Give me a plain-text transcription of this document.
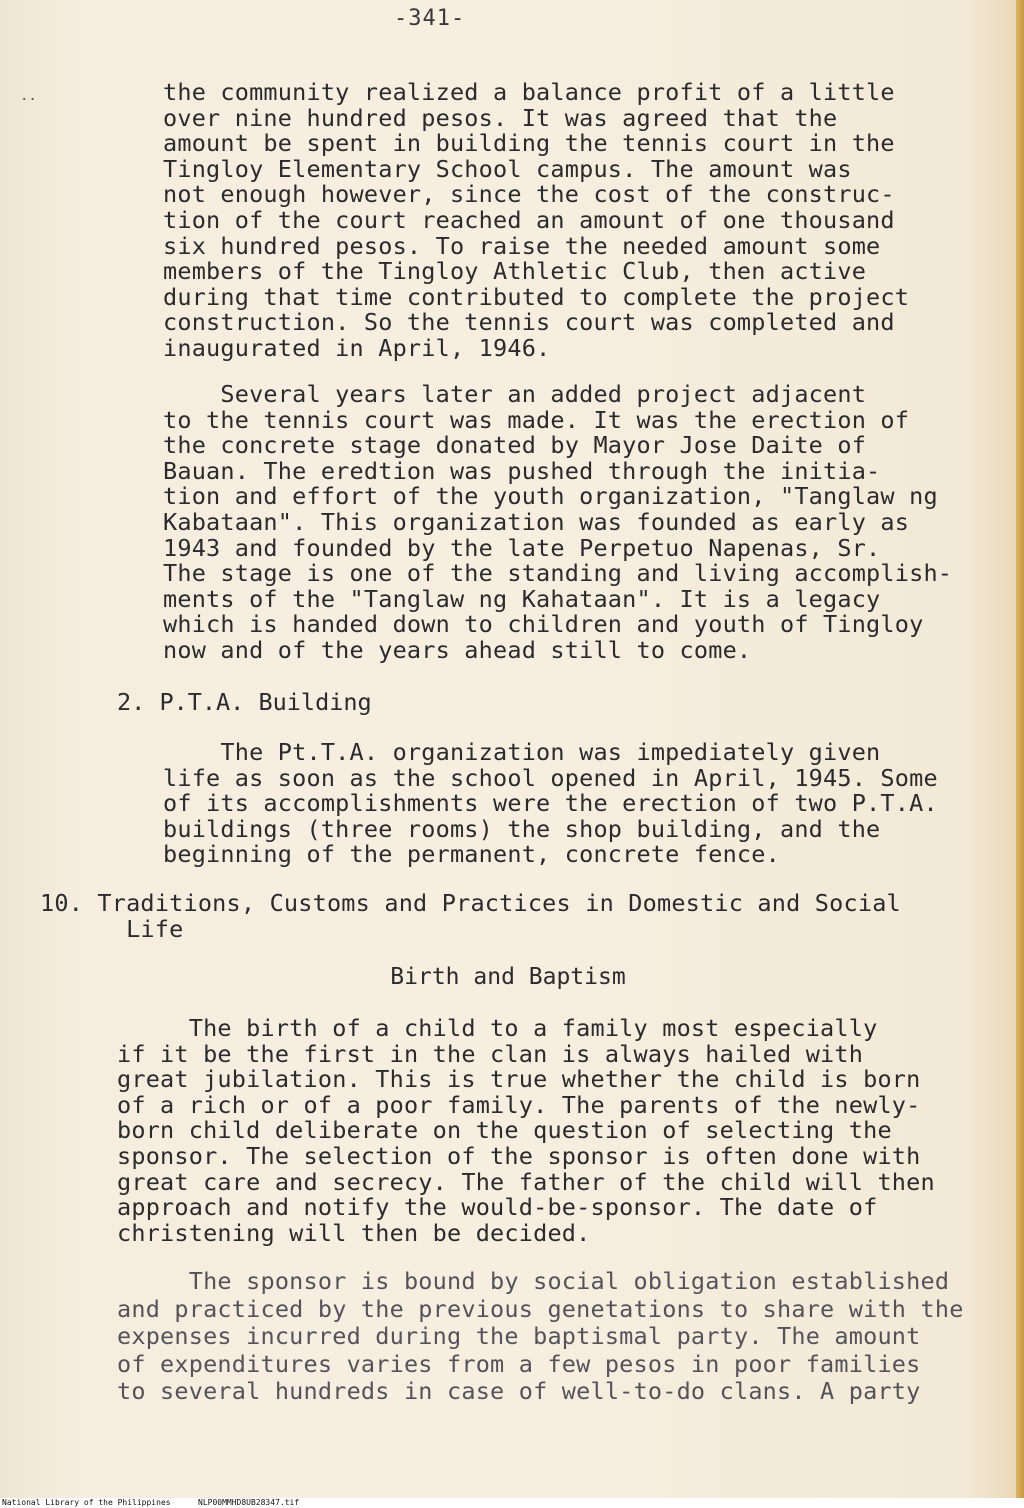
-341-
..	the community realized a balance profit of a little
over nine hundred pesos. It was agreed that the
amount be spent in building the tennis court in the
Tingloy Elementary School campus. The amount was
not enough however, since the cost of the construc-
tion of the court reached an amount of one thousand
six hundred pesos. To raise the needed amount some
members of the Tingloy Athletic Club, then active
during that time contributed to complete the project
construction. So the tennis court was completed and
inaugurated in April, 1946.
Several years later an added project adjacent
to the tennis court was made. It was the erection of
the concrete stage donated by Mayor Jose Daite of
Bauan. The eredtion was pushed through the initia-
tion and effort of the youth organization, "Tanglaw ng
Kabataan". This organization was founded as early as
1943 and founded by the late Perpetuo Napenas, Sr.
The stage is one of the standing and living accomplish-
ments of the "Tanglaw ng Kahataan". It is a legacy
which is handed down to children and youth of Tingloy
now and of the years ahead still to come.
2. P.T.A. Building
The Pt.T.A. organization was impediately given
life as soon as the school opened in April, 1945. Some
of its accomplishments were the erection of two P.T.A.
buildings (three rooms) the shop building, and the
beginning of the permanent, concrete fence.
10. Traditions, Customs and Practices in Domestic and Social
Life
Birth and Baptism
The birth of a child to a family most especially
if it be the first in the clan is always hailed with
great jubilation. This is true whether the child is born
of a rich or of a poor family. The parents of the newly-
born child deliberate on the question of selecting the
sponsor. The selection of the sponsor is often done with
great care and secrecy. The father of the child will then
approach and notify the would-be-sponsor. The date of
christening will then be decided.
The sponsor is bound by social obligation established
and practiced by the previous genetations to share with the
expenses incurred during the baptismal party. The amount
of expenditures varies from a few pesos in poor families
to several hundreds in case of well-to-do clans. A party
National Library of the Philippines	NLP00MMHD8UB28347.tif
